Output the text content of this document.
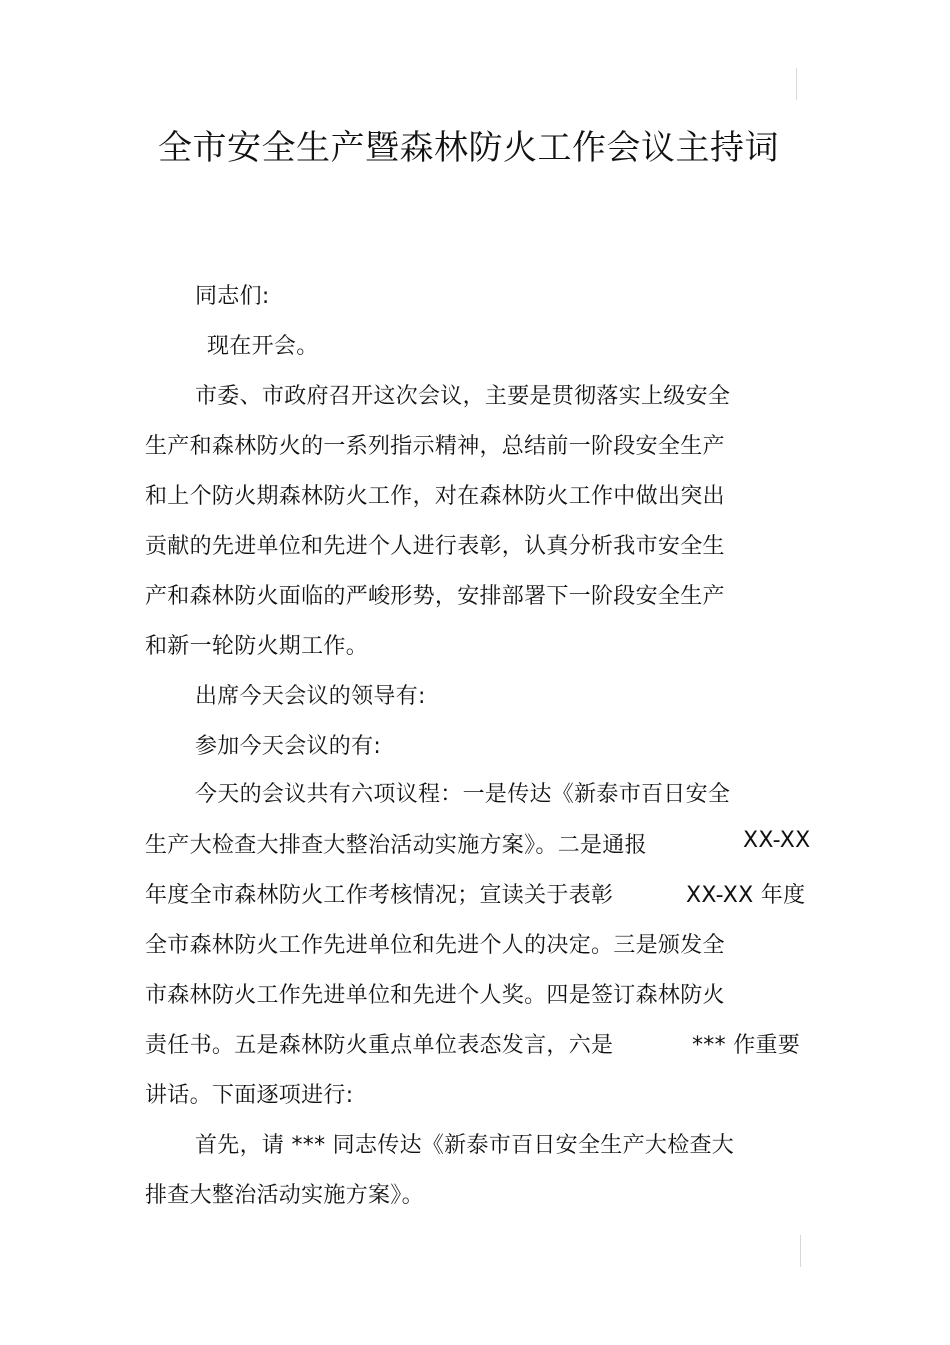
全市安全生产暨森林防火工作会议主持词
同志们:
现在开会。
市委、市政府召开这次会议，主要是贯彻落实上级安全
生产和森林防火的一系列指示精神，总结前一阶段安全生产
和上个防火期森林防火工作，对在森林防火工作中做出突出
贡献的先进单位和先进个人进行表彰，认真分析我市安全生
产和森林防火面临的严峻形势，安排部署下一阶段安全生产
和新一轮防火期工作。
出席今天会议的领导有:
参加今天会议的有:
今天的会议共有六项议程：一是传达《新泰市百日安全
生产大检查大排查大整治活动实施方案》。二是通报	XX-XX
年度全市森林防火工作考核情况；宣读关于表彰	XX-XX 年度
全市森林防火工作先进单位和先进个人的决定。三是颁发全
市森林防火工作先进单位和先进个人奖。四是签订森林防火
责任书。五是森林防火重点单位表态发言，六是	*** 作重要
讲话。下面逐项进行:
首先，请 *** 同志传达《新泰市百日安全生产大检查大
排查大整治活动实施方案》。
